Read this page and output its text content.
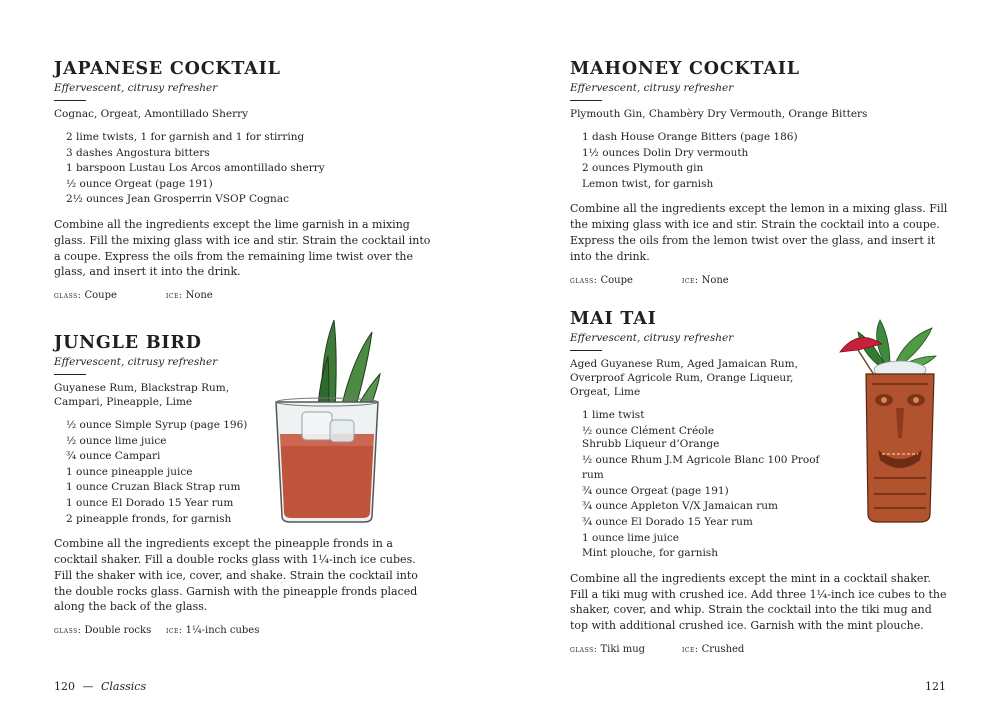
JAPANESE COCKTAIL
Effervescent, citrusy refresher
Cognac, Orgeat, Amontillado Sherry
2 lime twists, 1 for garnish and 1 for stirring
3 dashes Angostura bitters
1 barspoon Lustau Los Arcos amontillado sherry
½ ounce Orgeat (page 191)
2½ ounces Jean Grosperrin VSOP Cognac

Combine all the ingredients except the lime garnish in a mixing glass. Fill the mixing glass with ice and stir. Strain the cocktail into a coupe. Express the oils from the remaining lime twist over the glass, and insert it into the drink.

glass: Coupe	ice: None
JUNGLE BIRD
Effervescent, citrusy refresher
Guyanese Rum, Blackstrap Rum, Campari, Pineapple, Lime
½ ounce Simple Syrup (page 196)
½ ounce lime juice
¾ ounce Campari
1 ounce pineapple juice
1 ounce Cruzan Black Strap rum
1 ounce El Dorado 15 Year rum
2 pineapple fronds, for garnish

Combine all the ingredients except the pineapple fronds in a cocktail shaker. Fill a double rocks glass with 1¼-inch ice cubes. Fill the shaker with ice, cover, and shake. Strain the cocktail into the double rocks glass. Garnish with the pineapple fronds placed along the back of the glass.

glass: Double rocks	ice: 1¼-inch cubes
MAHONEY COCKTAIL
Effervescent, citrusy refresher
Plymouth Gin, Chambèry Dry Vermouth, Orange Bitters
1 dash House Orange Bitters (page 186)
1½ ounces Dolin Dry vermouth
2 ounces Plymouth gin
Lemon twist, for garnish

Combine all the ingredients except the lemon in a mixing glass. Fill the mixing glass with ice and stir. Strain the cocktail into a coupe. Express the oils from the lemon twist over the glass, and insert it into the drink.

glass: Coupe	ice: None
MAI TAI
Effervescent, citrusy refresher
Aged Guyanese Rum, Aged Jamaican Rum, Overproof Agricole Rum, Orange Liqueur, Orgeat, Lime
1 lime twist
½ ounce Clément Créole Shrubb Liqueur d’Orange
½ ounce Rhum J.M Agricole Blanc 100 Proof rum
¾ ounce Orgeat (page 191)
¾ ounce Appleton V/X Jamaican rum
¾ ounce El Dorado 15 Year rum
1 ounce lime juice
Mint plouche, for garnish

Combine all the ingredients except the mint in a cocktail shaker. Fill a tiki mug with crushed ice. Add three 1¼-inch ice cubes to the shaker, cover, and whip. Strain the cocktail into the tiki mug and top with additional crushed ice. Garnish with the mint plouche.

glass: Tiki mug	ice: Crushed
120 — Classics	121
